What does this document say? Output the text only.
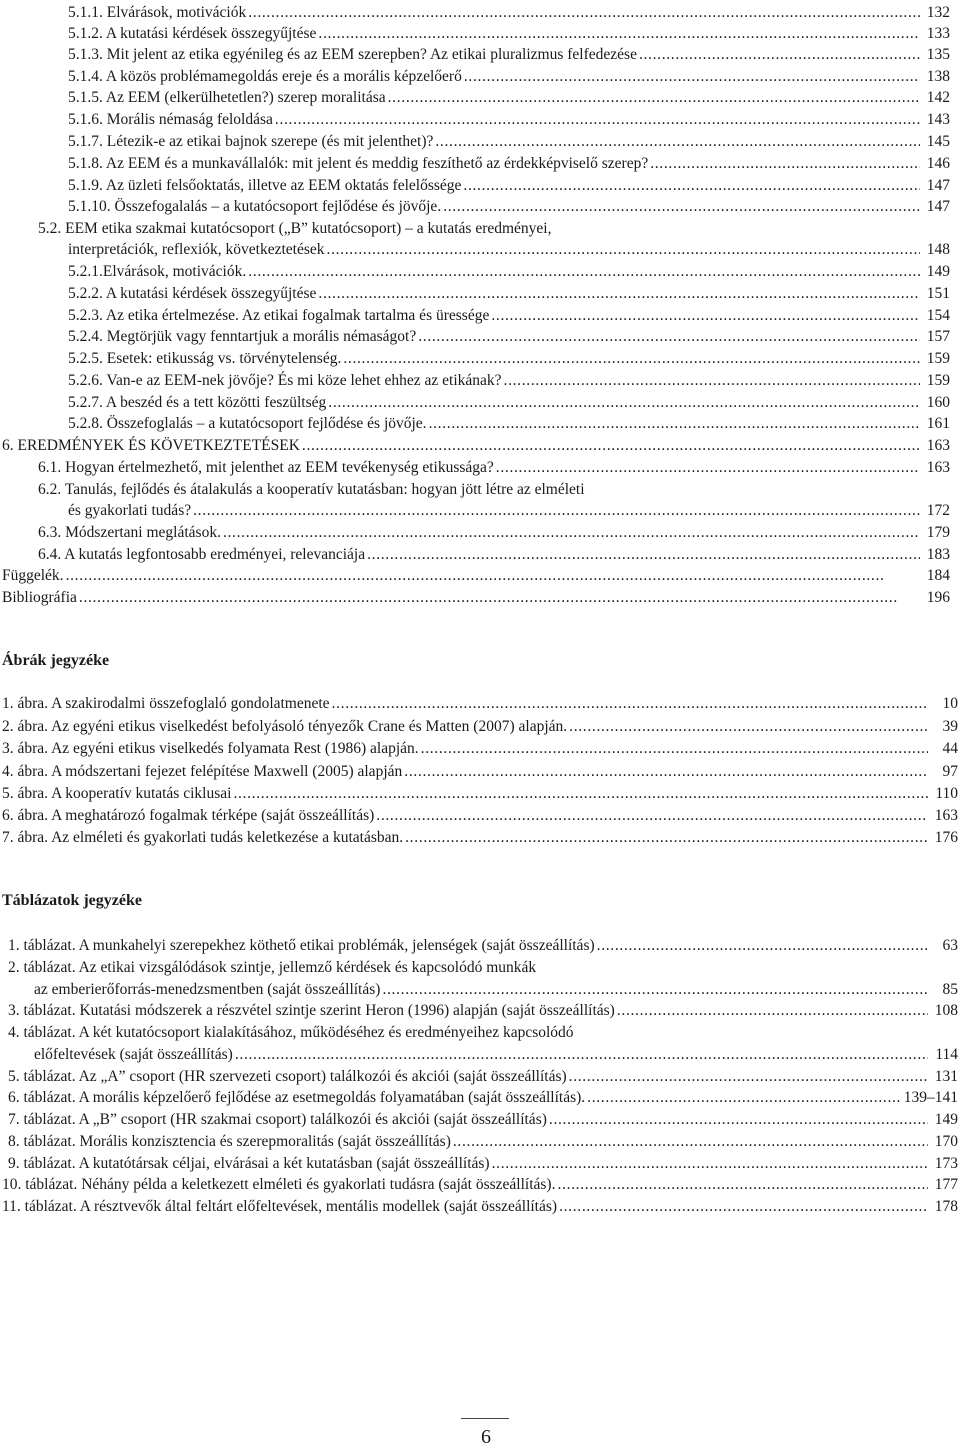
5.1.1. Elvárások, motivációk . . .	132
5.1.2. A kutatási kérdések összegyűjtése . . .	133
5.1.3. Mit jelent az etika egyénileg és az EEM szerepben? Az etikai pluralizmus felfedezése . . .	135
5.1.4. A közös problémamegoldás ereje és a morális képzelőerő . . .	138
5.1.5. Az EEM (elkerülhetetlen?) szerep moralitása . . .	142
5.1.6. Morális némaság feloldása . . .	143
5.1.7. Létezik-e az etikai bajnok szerepe (és mit jelenthet)? . . .	145
5.1.8. Az EEM és a munkavállalók: mit jelent és meddig feszíthető az érdekképviselő szerep? . . .	146
5.1.9. Az üzleti felsőoktatás, illetve az EEM oktatás felelőssége . . .	147
5.1.10. Összefogalalás – a kutatócsoport fejlődése és jövője. . . .	147
5.2. EEM etika szakmai kutatócsoport („B” kutatócsoport) – a kutatás eredményei,
interpretációk, reflexiók, következtetések . . .	148
5.2.1.Elvárások, motivációk. . . .	149
5.2.2. A kutatási kérdések összegyűjtése . . .	151
5.2.3. Az etika értelmezése. Az etikai fogalmak tartalma és üressége . . .	154
5.2.4. Megtörjük vagy fenntartjuk a morális némaságot? . . .	157
5.2.5. Esetek: etikusság vs. törvénytelenség. . . .	159
5.2.6. Van-e az EEM-nek jövője? És mi köze lehet ehhez az etikának? . . .	159
5.2.7. A beszéd és a tett közötti feszültség . . .	160
5.2.8. Összefoglalás – a kutatócsoport fejlődése és jövője. . . .	161
6. EREDMÉNYEK ÉS KÖVETKEZTETÉSEK . . .	163
6.1. Hogyan értelmezhető, mit jelenthet az EEM tevékenység etikussága? . . .	163
6.2. Tanulás, fejlődés és átalakulás a kooperatív kutatásban: hogyan jött létre az elméleti
és gyakorlati tudás? . . .	172
6.3. Módszertani meglátások. . . .	179
6.4. A kutatás legfontosabb eredményei, relevanciája . . .	183
Függelék. . . .	184
Bibliográfia . . .	196
Ábrák jegyzéke
1. ábra. A szakirodalmi összefoglaló gondolatmenete . . .	10
2. ábra. Az egyéni etikus viselkedést befolyásoló tényezők Crane és Matten (2007) alapján. . . .	39
3. ábra. Az egyéni etikus viselkedés folyamata Rest (1986) alapján. . . .	44
4. ábra. A módszertani fejezet felépítése Maxwell (2005) alapján . . .	97
5. ábra. A kooperatív kutatás ciklusai . . .	110
6. ábra. A meghatározó fogalmak térképe (saját összeállítás) . . .	163
7. ábra. Az elméleti és gyakorlati tudás keletkezése a kutatásban. . . .	176
Táblázatok jegyzéke
1. táblázat. A munkahelyi szerepekhez köthető etikai problémák, jelenségek (saját összeállítás) . . .	63
2. táblázat. Az etikai vizsgálódások szintje, jellemző kérdések és kapcsolódó munkák
az emberierőforrás-menedzsmentben (saját összeállítás) . . .	85
3. táblázat. Kutatási módszerek a részvétel szintje szerint Heron (1996) alapján (saját összeállítás) . . .	108
4. táblázat. A két kutatócsoport kialakításához, működéséhez és eredményeihez kapcsolódó
előfeltevések (saját összeállítás) . . .	114
5. táblázat. Az „A” csoport (HR szervezeti csoport) találkozói és akciói (saját összeállítás) . . .	131
6. táblázat. A morális képzelőerő fejlődése az esetmegoldás folyamatában (saját összeállítás). . . .	139–141
7. táblázat. A „B” csoport (HR szakmai csoport) találkozói és akciói (saját összeállítás) . . .	149
8. táblázat. Morális konzisztencia és szerepmoralitás (saját összeállítás) . . .	170
9. táblázat. A kutatótársak céljai, elvárásai a két kutatásban (saját összeállítás) . . .	173
10. táblázat. Néhány példa a keletkezett elméleti és gyakorlati tudásra (saját összeállítás). . . .	177
11. táblázat. A résztvevők által feltárt előfeltevések, mentális modellek (saját összeállítás) . . .	178
6
